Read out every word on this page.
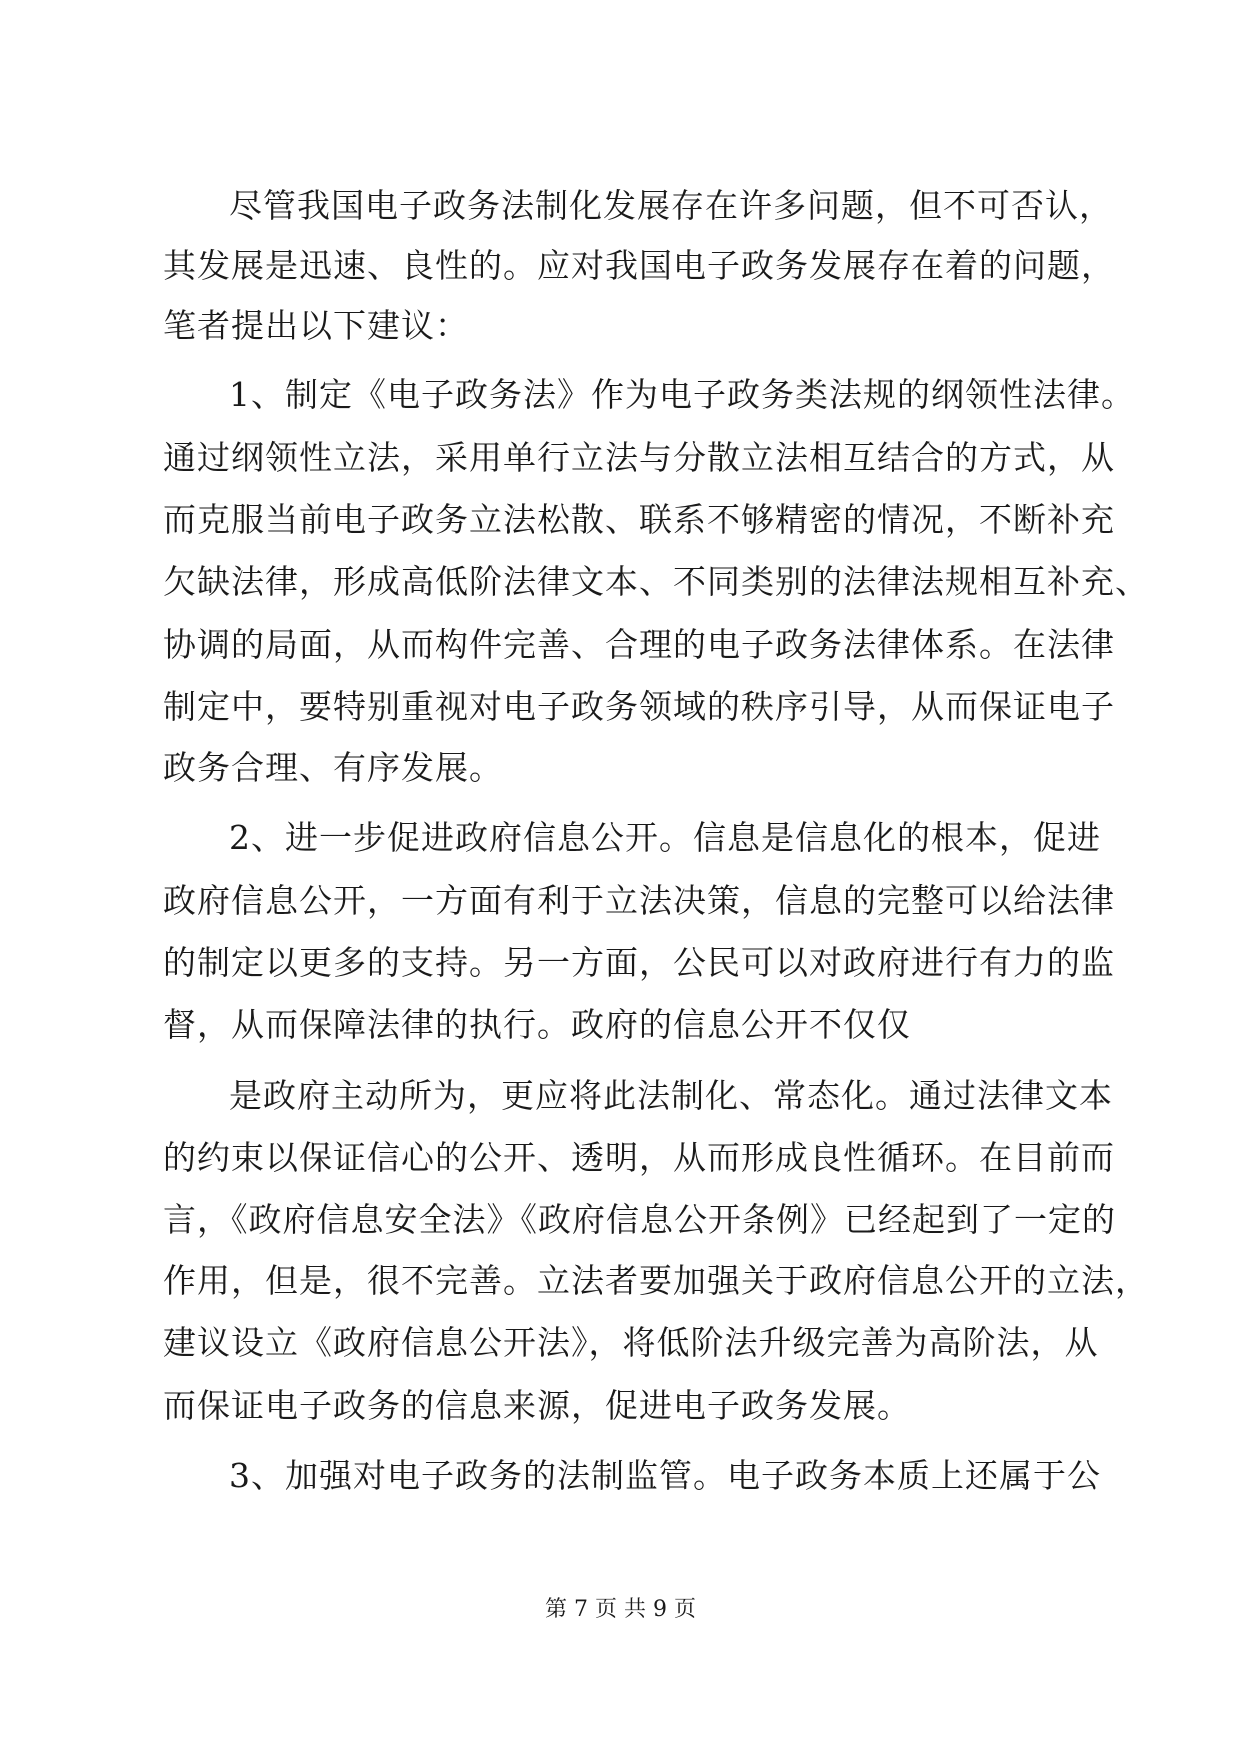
尽管我国电子政务法制化发展存在许多问题，但不可否认，
其发展是迅速、良性的。应对我国电子政务发展存在着的问题，
笔者提出以下建议：
1、制定《电子政务法》作为电子政务类法规的纲领性法律。
通过纲领性立法，采用单行立法与分散立法相互结合的方式，从
而克服当前电子政务立法松散、联系不够精密的情况，不断补充
欠缺法律，形成高低阶法律文本、不同类别的法律法规相互补充、
协调的局面，从而构件完善、合理的电子政务法律体系。在法律
制定中，要特别重视对电子政务领域的秩序引导，从而保证电子
政务合理、有序发展。
2、进一步促进政府信息公开。信息是信息化的根本，促进
政府信息公开，一方面有利于立法决策，信息的完整可以给法律
的制定以更多的支持。另一方面，公民可以对政府进行有力的监
督，从而保障法律的执行。政府的信息公开不仅仅
是政府主动所为，更应将此法制化、常态化。通过法律文本
的约束以保证信心的公开、透明，从而形成良性循环。在目前而
言，《政府信息安全法》《政府信息公开条例》已经起到了一定的
作用，但是，很不完善。立法者要加强关于政府信息公开的立法，
建议设立《政府信息公开法》，将低阶法升级完善为高阶法，从
而保证电子政务的信息来源，促进电子政务发展。
3、加强对电子政务的法制监管。电子政务本质上还属于公
第 7 页 共 9 页
